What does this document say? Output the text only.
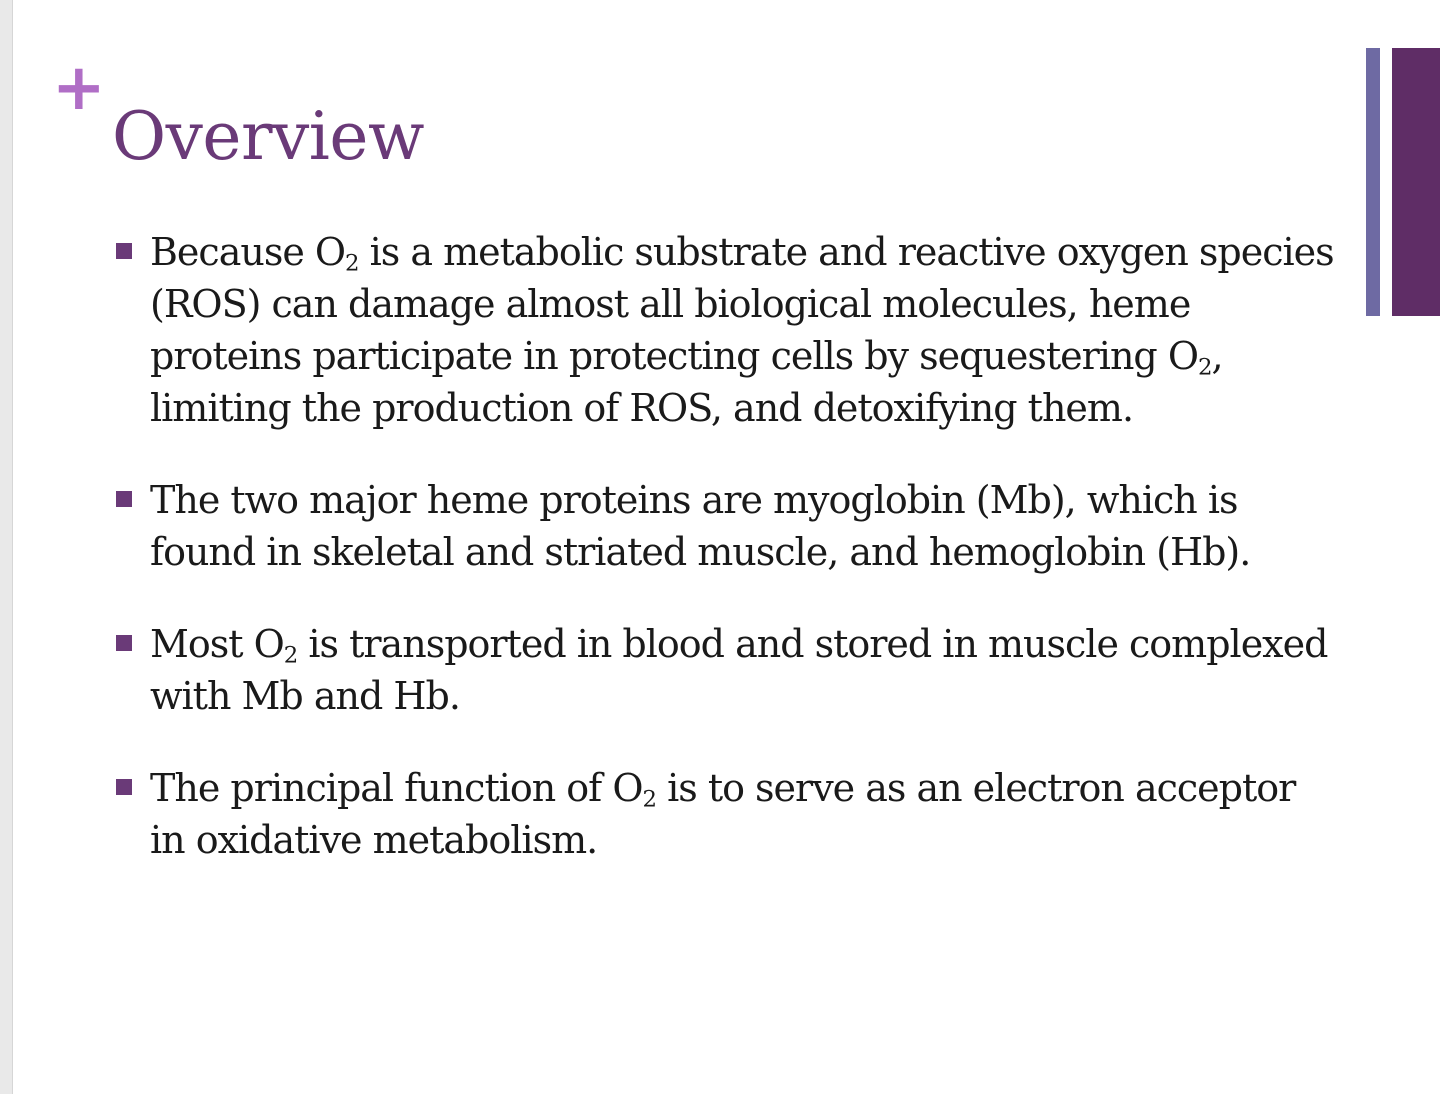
+
Overview
Because $O_2$ is a metabolic substrate and reactive oxygen species (ROS) can damage almost all biological molecules, heme proteins participate in protecting cells by sequestering $O_2$, limiting the production of ROS, and detoxifying them.
The two major heme proteins are myoglobin (Mb), which is found in skeletal and striated muscle, and hemoglobin (Hb).
Most $O_2$ is transported in blood and stored in muscle complexed with Mb and Hb.
The principal function of $O_2$ is to serve as an electron acceptor in oxidative metabolism.
